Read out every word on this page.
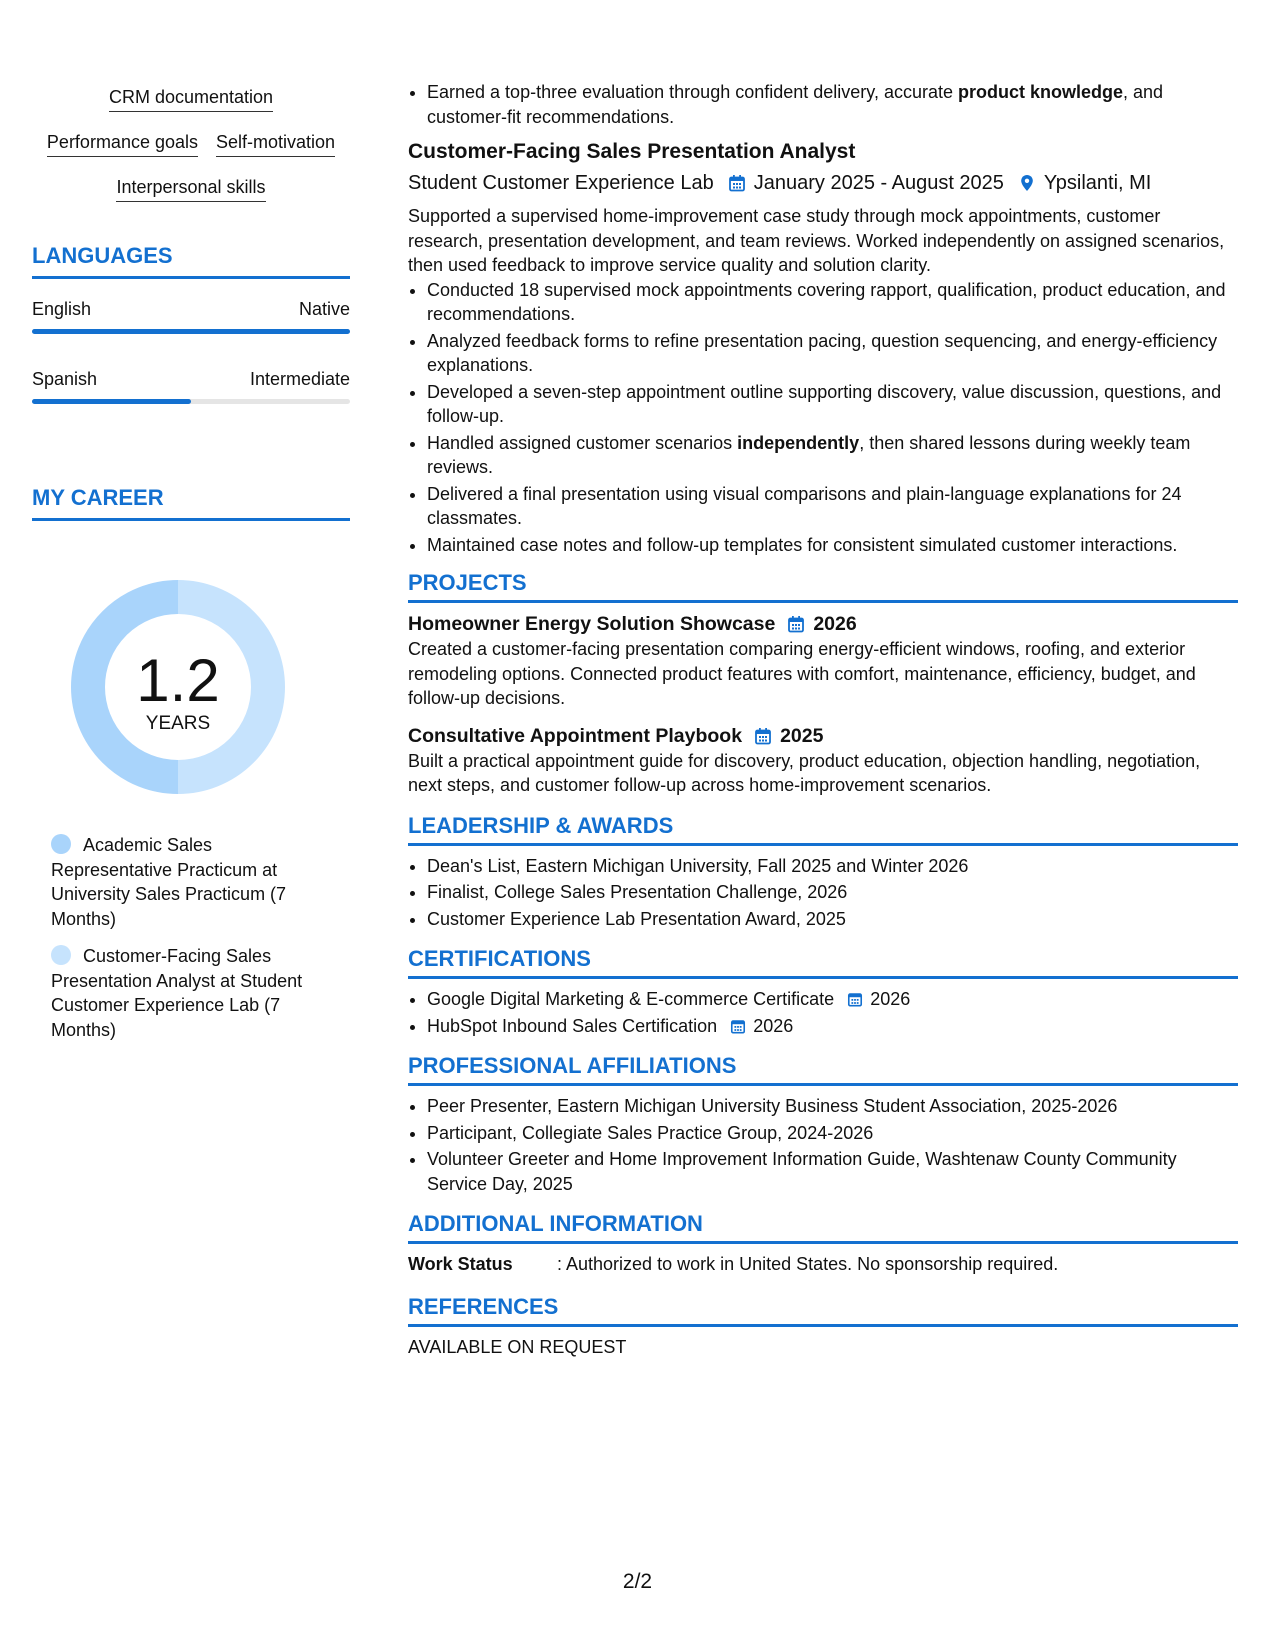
CRM documentation
Performance goals Self-motivation
Interpersonal skills
LANGUAGES
English	Native
Spanish	Intermediate
MY CAREER
1.2
YEARS
Academic Sales Representative Practicum at University Sales Practicum (7 Months)
Customer-Facing Sales Presentation Analyst at Student Customer Experience Lab (7 Months)
• Earned a top-three evaluation through confident delivery, accurate product knowledge, and customer-fit recommendations.
Customer-Facing Sales Presentation Analyst
Student Customer Experience Lab January 2025 - August 2025 Ypsilanti, MI

Supported a supervised home-improvement case study through mock appointments, customer research, presentation development, and team reviews. Worked independently on assigned scenarios, then used feedback to improve service quality and solution clarity.

• Conducted 18 supervised mock appointments covering rapport, qualification, product education, and recommendations.
• Analyzed feedback forms to refine presentation pacing, question sequencing, and energy-efficiency explanations.
• Developed a seven-step appointment outline supporting discovery, value discussion, questions, and follow-up.
• Handled assigned customer scenarios independently, then shared lessons during weekly team reviews.
• Delivered a final presentation using visual comparisons and plain-language explanations for 24 classmates.
• Maintained case notes and follow-up templates for consistent simulated customer interactions.
PROJECTS
Homeowner Energy Solution Showcase 2026

Created a customer-facing presentation comparing energy-efficient windows, roofing, and exterior remodeling options. Connected product features with comfort, maintenance, efficiency, budget, and follow-up decisions.

Consultative Appointment Playbook 2025

Built a practical appointment guide for discovery, product education, objection handling, negotiation, next steps, and customer follow-up across home-improvement scenarios.

LEADERSHIP & AWARDS
• Dean's List, Eastern Michigan University, Fall 2025 and Winter 2026
• Finalist, College Sales Presentation Challenge, 2026
• Customer Experience Lab Presentation Award, 2025
CERTIFICATIONS
• Google Digital Marketing & E-commerce Certificate 2026
• HubSpot Inbound Sales Certification 2026
PROFESSIONAL AFFILIATIONS
• Peer Presenter, Eastern Michigan University Business Student Association, 2025-2026
• Participant, Collegiate Sales Practice Group, 2024-2026
• Volunteer Greeter and Home Improvement Information Guide, Washtenaw County Community Service Day, 2025
ADDITIONAL INFORMATION
Work Status	: Authorized to work in United States. No sponsorship required.
REFERENCES

AVAILABLE ON REQUEST

2/2
